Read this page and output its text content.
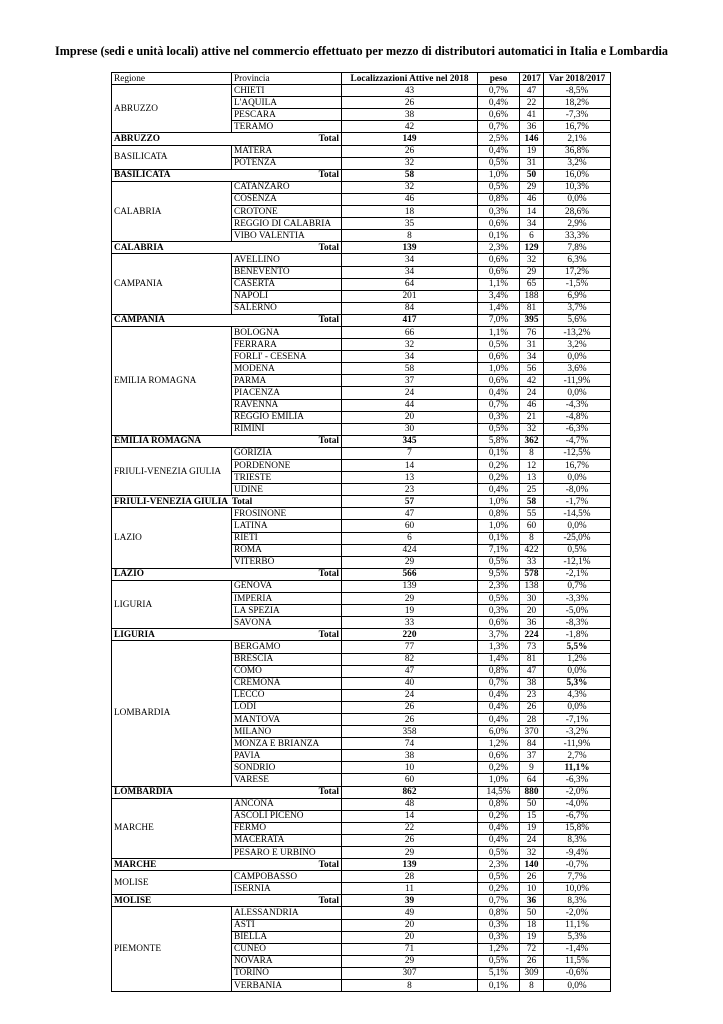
Imprese (sedi e unità locali) attive nel commercio effettuato per mezzo di distributori automatici in Italia e Lombardia
Regione	Provincia	Localizzazioni Attive nel 2018	peso	2017	Var 2018/2017
ABRUZZO	CHIETI	43	0,7%	47	-8,5%
	L'AQUILA	26	0,4%	22	18,2%
	PESCARA	38	0,6%	41	-7,3%
	TERAMO	42	0,7%	36	16,7%
ABRUZZO Total		149	2,5%	146	2,1%
BASILICATA	MATERA	26	0,4%	19	36,8%
	POTENZA	32	0,5%	31	3,2%
BASILICATA Total		58	1,0%	50	16,0%
CALABRIA	CATANZARO	32	0,5%	29	10,3%
	COSENZA	46	0,8%	46	0,0%
	CROTONE	18	0,3%	14	28,6%
	REGGIO DI CALABRIA	35	0,6%	34	2,9%
	VIBO VALENTIA	8	0,1%	6	33,3%
CALABRIA Total		139	2,3%	129	7,8%
CAMPANIA	AVELLINO	34	0,6%	32	6,3%
	BENEVENTO	34	0,6%	29	17,2%
	CASERTA	64	1,1%	65	-1,5%
	NAPOLI	201	3,4%	188	6,9%
	SALERNO	84	1,4%	81	3,7%
CAMPANIA Total		417	7,0%	395	5,6%
EMILIA ROMAGNA	BOLOGNA	66	1,1%	76	-13,2%
	FERRARA	32	0,5%	31	3,2%
	FORLI' - CESENA	34	0,6%	34	0,0%
	MODENA	58	1,0%	56	3,6%
	PARMA	37	0,6%	42	-11,9%
	PIACENZA	24	0,4%	24	0,0%
	RAVENNA	44	0,7%	46	-4,3%
	REGGIO EMILIA	20	0,3%	21	-4,8%
	RIMINI	30	0,5%	32	-6,3%
EMILIA ROMAGNA Total		345	5,8%	362	-4,7%
FRIULI-VENEZIA GIULIA	GORIZIA	7	0,1%	8	-12,5%
	PORDENONE	14	0,2%	12	16,7%
	TRIESTE	13	0,2%	13	0,0%
	UDINE	23	0,4%	25	-8,0%
FRIULI-VENEZIA GIULIA Total		57	1,0%	58	-1,7%
LAZIO	FROSINONE	47	0,8%	55	-14,5%
	LATINA	60	1,0%	60	0,0%
	RIETI	6	0,1%	8	-25,0%
	ROMA	424	7,1%	422	0,5%
	VITERBO	29	0,5%	33	-12,1%
LAZIO Total		566	9,5%	578	-2,1%
LIGURIA	GENOVA	139	2,3%	138	0,7%
	IMPERIA	29	0,5%	30	-3,3%
	LA SPEZIA	19	0,3%	20	-5,0%
	SAVONA	33	0,6%	36	-8,3%
LIGURIA Total		220	3,7%	224	-1,8%
LOMBARDIA	BERGAMO	77	1,3%	73	5,5%
	BRESCIA	82	1,4%	81	1,2%
	COMO	47	0,8%	47	0,0%
	CREMONA	40	0,7%	38	5,3%
	LECCO	24	0,4%	23	4,3%
	LODI	26	0,4%	26	0,0%
	MANTOVA	26	0,4%	28	-7,1%
	MILANO	358	6,0%	370	-3,2%
	MONZA E BRIANZA	74	1,2%	84	-11,9%
	PAVIA	38	0,6%	37	2,7%
	SONDRIO	10	0,2%	9	11,1%
	VARESE	60	1,0%	64	-6,3%
LOMBARDIA Total		862	14,5%	880	-2,0%
MARCHE	ANCONA	48	0,8%	50	-4,0%
	ASCOLI PICENO	14	0,2%	15	-6,7%
	FERMO	22	0,4%	19	15,8%
	MACERATA	26	0,4%	24	8,3%
	PESARO E URBINO	29	0,5%	32	-9,4%
MARCHE Total		139	2,3%	140	-0,7%
MOLISE	CAMPOBASSO	28	0,5%	26	7,7%
	ISERNIA	11	0,2%	10	10,0%
MOLISE Total		39	0,7%	36	8,3%
PIEMONTE	ALESSANDRIA	49	0,8%	50	-2,0%
	ASTI	20	0,3%	18	11,1%
	BIELLA	20	0,3%	19	5,3%
	CUNEO	71	1,2%	72	-1,4%
	NOVARA	29	0,5%	26	11,5%
	TORINO	307	5,1%	309	-0,6%
	VERBANIA	8	0,1%	8	0,0%
